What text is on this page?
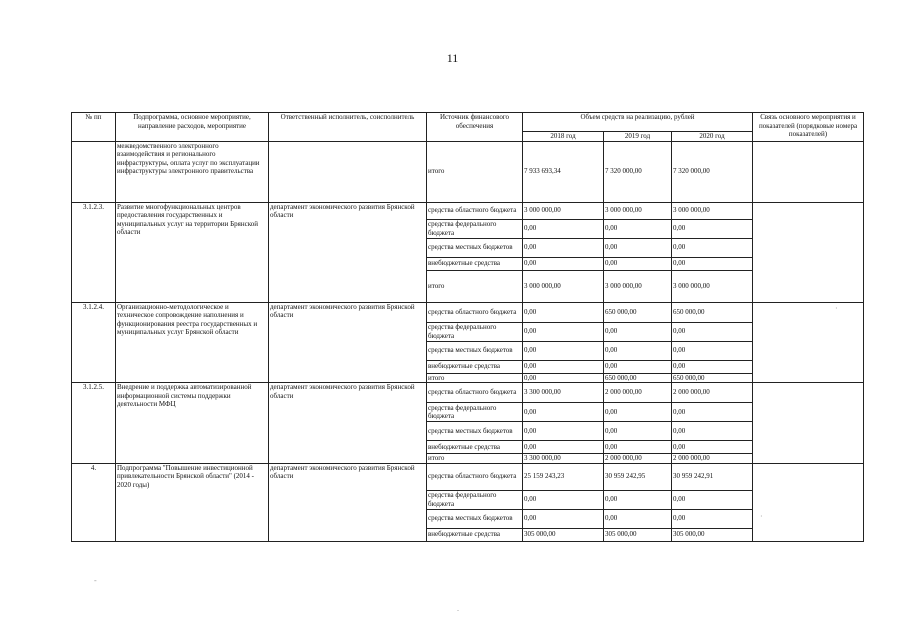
11
№ пп	Подпрограмма, основное мероприятие, направление расходов, мероприятие	Ответственный исполнитель, соисполнитель	Источник финансового обеспечения	Объем средств на реализацию, рублей			Связь основного мероприятия и показателей (порядковые номера показателей)
				2018 год	2019 год	2020 год	
	межведомственного электронного взаимодействия и регионального инфраструктуры, оплата услуг по эксплуатации инфраструктуры электронного правительства		итого	7 933 693,34	7 320 000,00	7 320 000,00	
3.1.2.3.	Развитие многофункциональных центров предоставления государственных и муниципальных услуг на территории Брянской области	департамент экономического развития Брянской области	средства областного бюджета	3 000 000,00	3 000 000,00	3 000 000,00	
			средства федерального бюджета	0,00	0,00	0,00	
			средства местных бюджетов	0,00	0,00	0,00	
			внебюджетные средства	0,00	0,00	0,00	
			итого	3 000 000,00	3 000 000,00	3 000 000,00	
3.1.2.4.	Организационно-методологическое и техническое сопровождение наполнения и функционирования реестра государственных и муниципальных услуг Брянской области	департамент экономического развития Брянской области	средства областного бюджета	0,00	650 000,00	650 000,00	
			средства федерального бюджета	0,00	0,00	0,00	
			средства местных бюджетов	0,00	0,00	0,00	
			внебюджетные средства	0,00	0,00	0,00	
			итого	0,00	650 000,00	650 000,00	
3.1.2.5.	Внедрение и поддержка автоматизированной информационной системы поддержки деятельности МФЦ	департамент экономического развития Брянской области	средства областного бюджета	3 300 000,00	2 000 000,00	2 000 000,00	
			средства федерального бюджета	0,00	0,00	0,00	
			средства местных бюджетов	0,00	0,00	0,00	
			внебюджетные средства	0,00	0,00	0,00	
			итого	3 300 000,00	2 000 000,00	2 000 000,00	
4.	Подпрограмма "Повышение инвестиционной привлекательности Брянской области" (2014 - 2020 годы)	департамент экономического развития Брянской области	средства областного бюджета	25 159 243,23	30 959 242,95	30 959 242,91	
			средства федерального бюджета	0,00	0,00	0,00	
			средства местных бюджетов	0,00	0,00	0,00	
			внебюджетные средства	305 000,00	305 000,00	305 000,00	
·
·
-
.
